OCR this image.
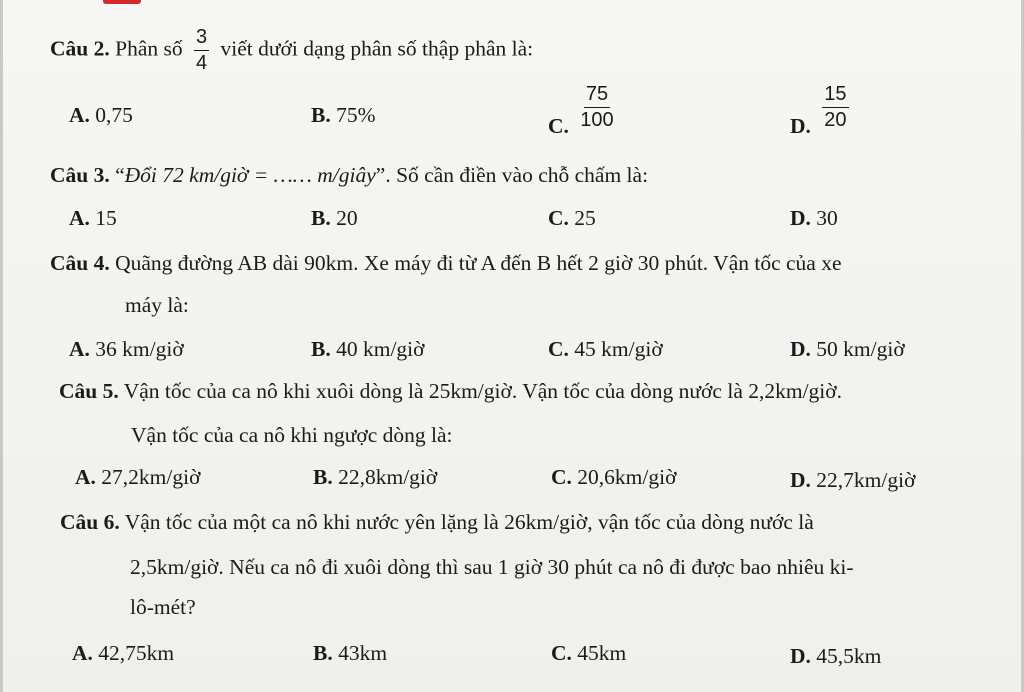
Câu 2. Phân số $\frac{3}{4}$ viết dưới dạng phân số thập phân là:
A. 0,75	B. 75%	C. $\frac{75}{100}$	D. $\frac{15}{20}$
Câu 3. “Đổi 72 km/giờ = …… m/giây”. Số cần điền vào chỗ chấm là:
A. 15	B. 20	C. 25	D. 30
Câu 4. Quãng đường AB dài 90km. Xe máy đi từ A đến B hết 2 giờ 30 phút. Vận tốc của xe
máy là:
A. 36 km/giờ	B. 40 km/giờ	C. 45 km/giờ	D. 50 km/giờ
Câu 5. Vận tốc của ca nô khi xuôi dòng là 25km/giờ. Vận tốc của dòng nước là 2,2km/giờ.
Vận tốc của ca nô khi ngược dòng là:
A. 27,2km/giờ	B. 22,8km/giờ	C. 20,6km/giờ	D. 22,7km/giờ
Câu 6. Vận tốc của một ca nô khi nước yên lặng là 26km/giờ, vận tốc của dòng nước là
2,5km/giờ. Nếu ca nô đi xuôi dòng thì sau 1 giờ 30 phút ca nô đi được bao nhiêu ki-
lô-mét?
A. 42,75km	B. 43km	C. 45km	D. 45,5km
